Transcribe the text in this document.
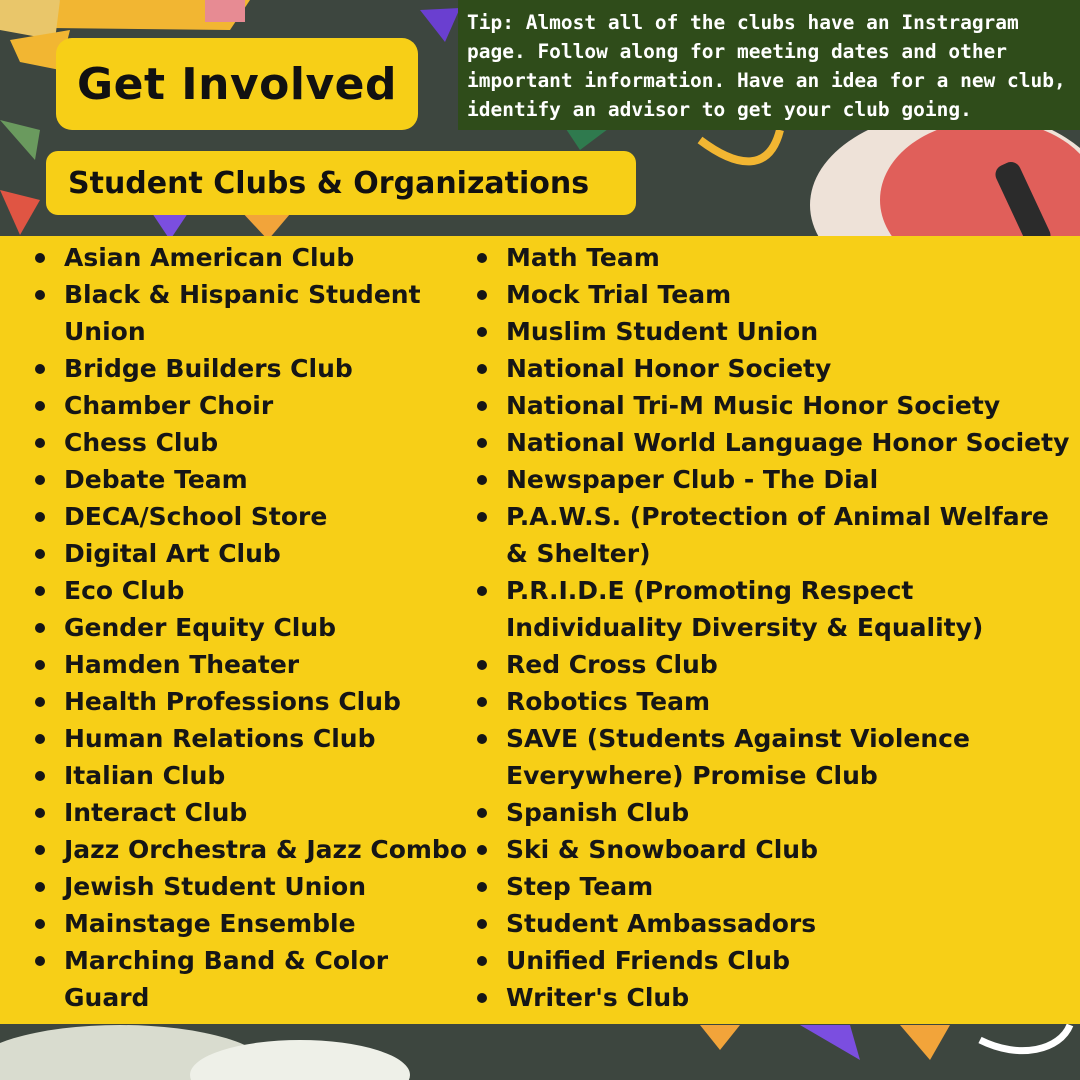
Tip: Almost all of the clubs have an Instragram page. Follow along for meeting dates and other important information. Have an idea for a new club, identify an advisor to get your club going.

Get Involved
Student Clubs & Organizations
Asian American Club
Black & Hispanic Student
Union
Bridge Builders Club
Chamber Choir
Chess Club
Debate Team
DECA/School Store
Digital Art Club
Eco Club
Gender Equity Club
Hamden Theater
Health Professions Club
Human Relations Club
Italian Club
Interact Club
Jazz Orchestra & Jazz Combo
Jewish Student Union
Mainstage Ensemble
Marching Band & Color
Guard
Math Team
Mock Trial Team
Muslim Student Union
National Honor Society
National Tri-M Music Honor Society
National World Language Honor Society
Newspaper Club - The Dial
P.A.W.S. (Protection of Animal Welfare
& Shelter)
P.R.I.D.E (Promoting Respect
Individuality Diversity & Equality)
Red Cross Club
Robotics Team
SAVE (Students Against Violence
Everywhere) Promise Club
Spanish Club
Ski & Snowboard Club
Step Team
Student Ambassadors
Unified Friends Club
Writer's Club
